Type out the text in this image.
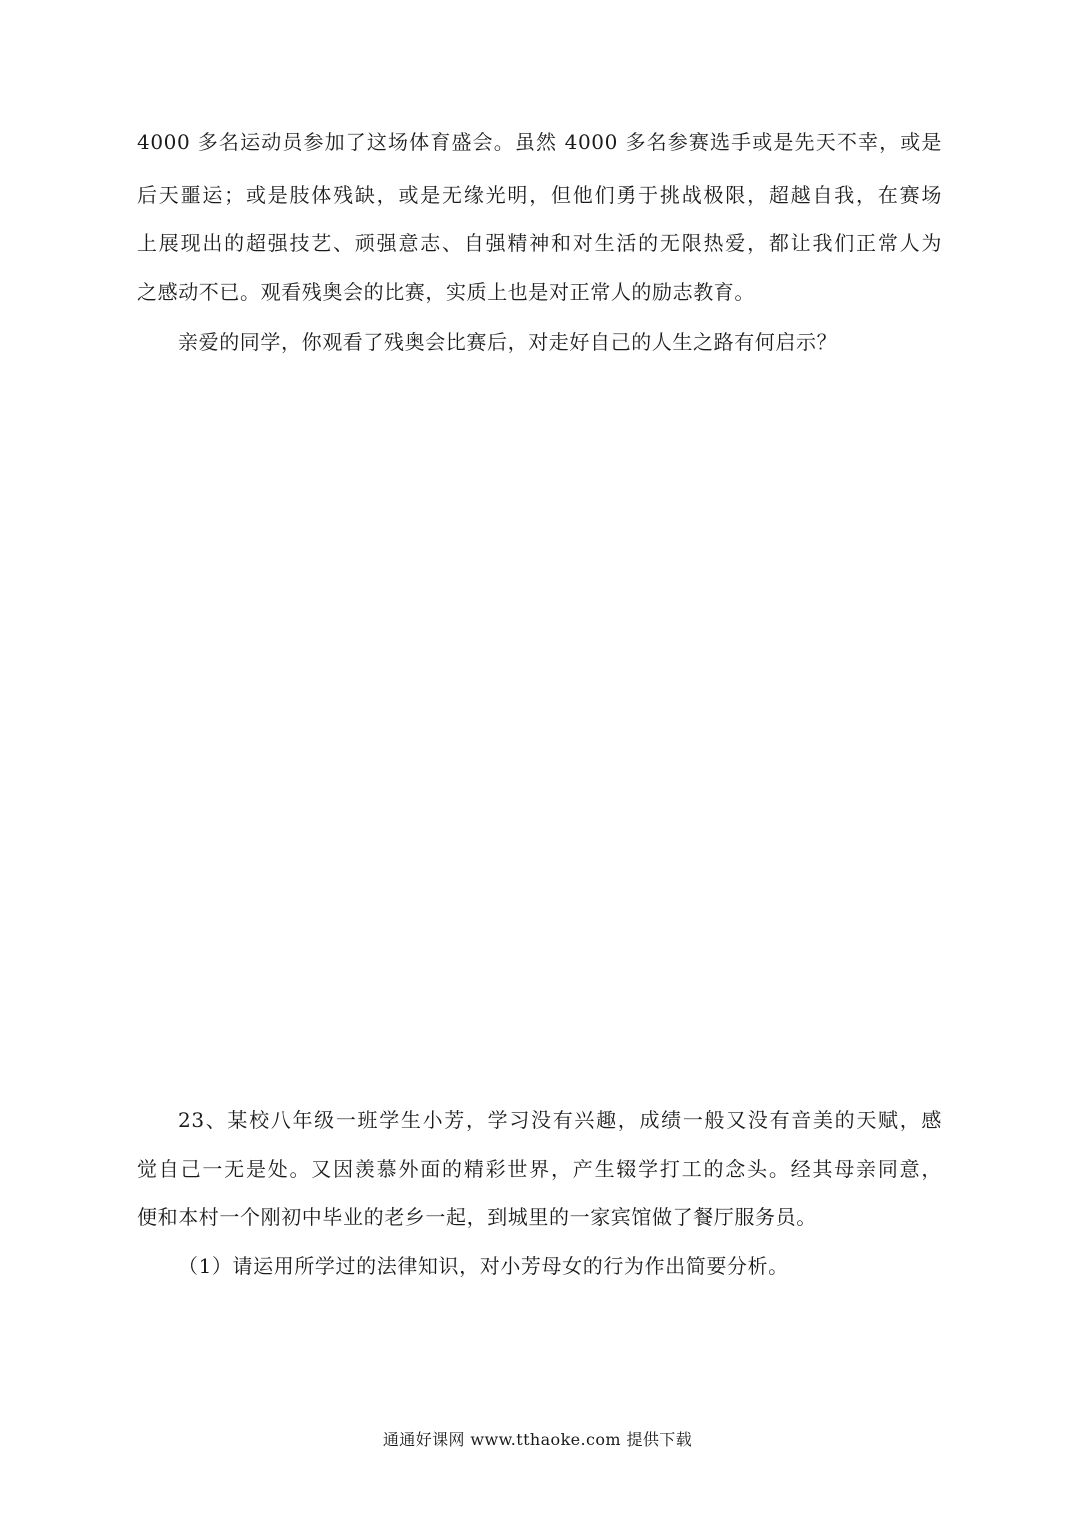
4000 多名运动员参加了这场体育盛会。虽然 4000 多名参赛选手或是先天不幸，或是
后天噩运；或是肢体残缺，或是无缘光明，但他们勇于挑战极限，超越自我，在赛场
上展现出的超强技艺、顽强意志、自强精神和对生活的无限热爱，都让我们正常人为
之感动不已。观看残奥会的比赛，实质上也是对正常人的励志教育。
亲爱的同学，你观看了残奥会比赛后，对走好自己的人生之路有何启示？
23、某校八年级一班学生小芳，学习没有兴趣，成绩一般又没有音美的天赋，感
觉自己一无是处。又因羡慕外面的精彩世界，产生辍学打工的念头。经其母亲同意，
便和本村一个刚初中毕业的老乡一起，到城里的一家宾馆做了餐厅服务员。
（1）请运用所学过的法律知识，对小芳母女的行为作出简要分析。
通通好课网 www.tthaoke.com 提供下载
